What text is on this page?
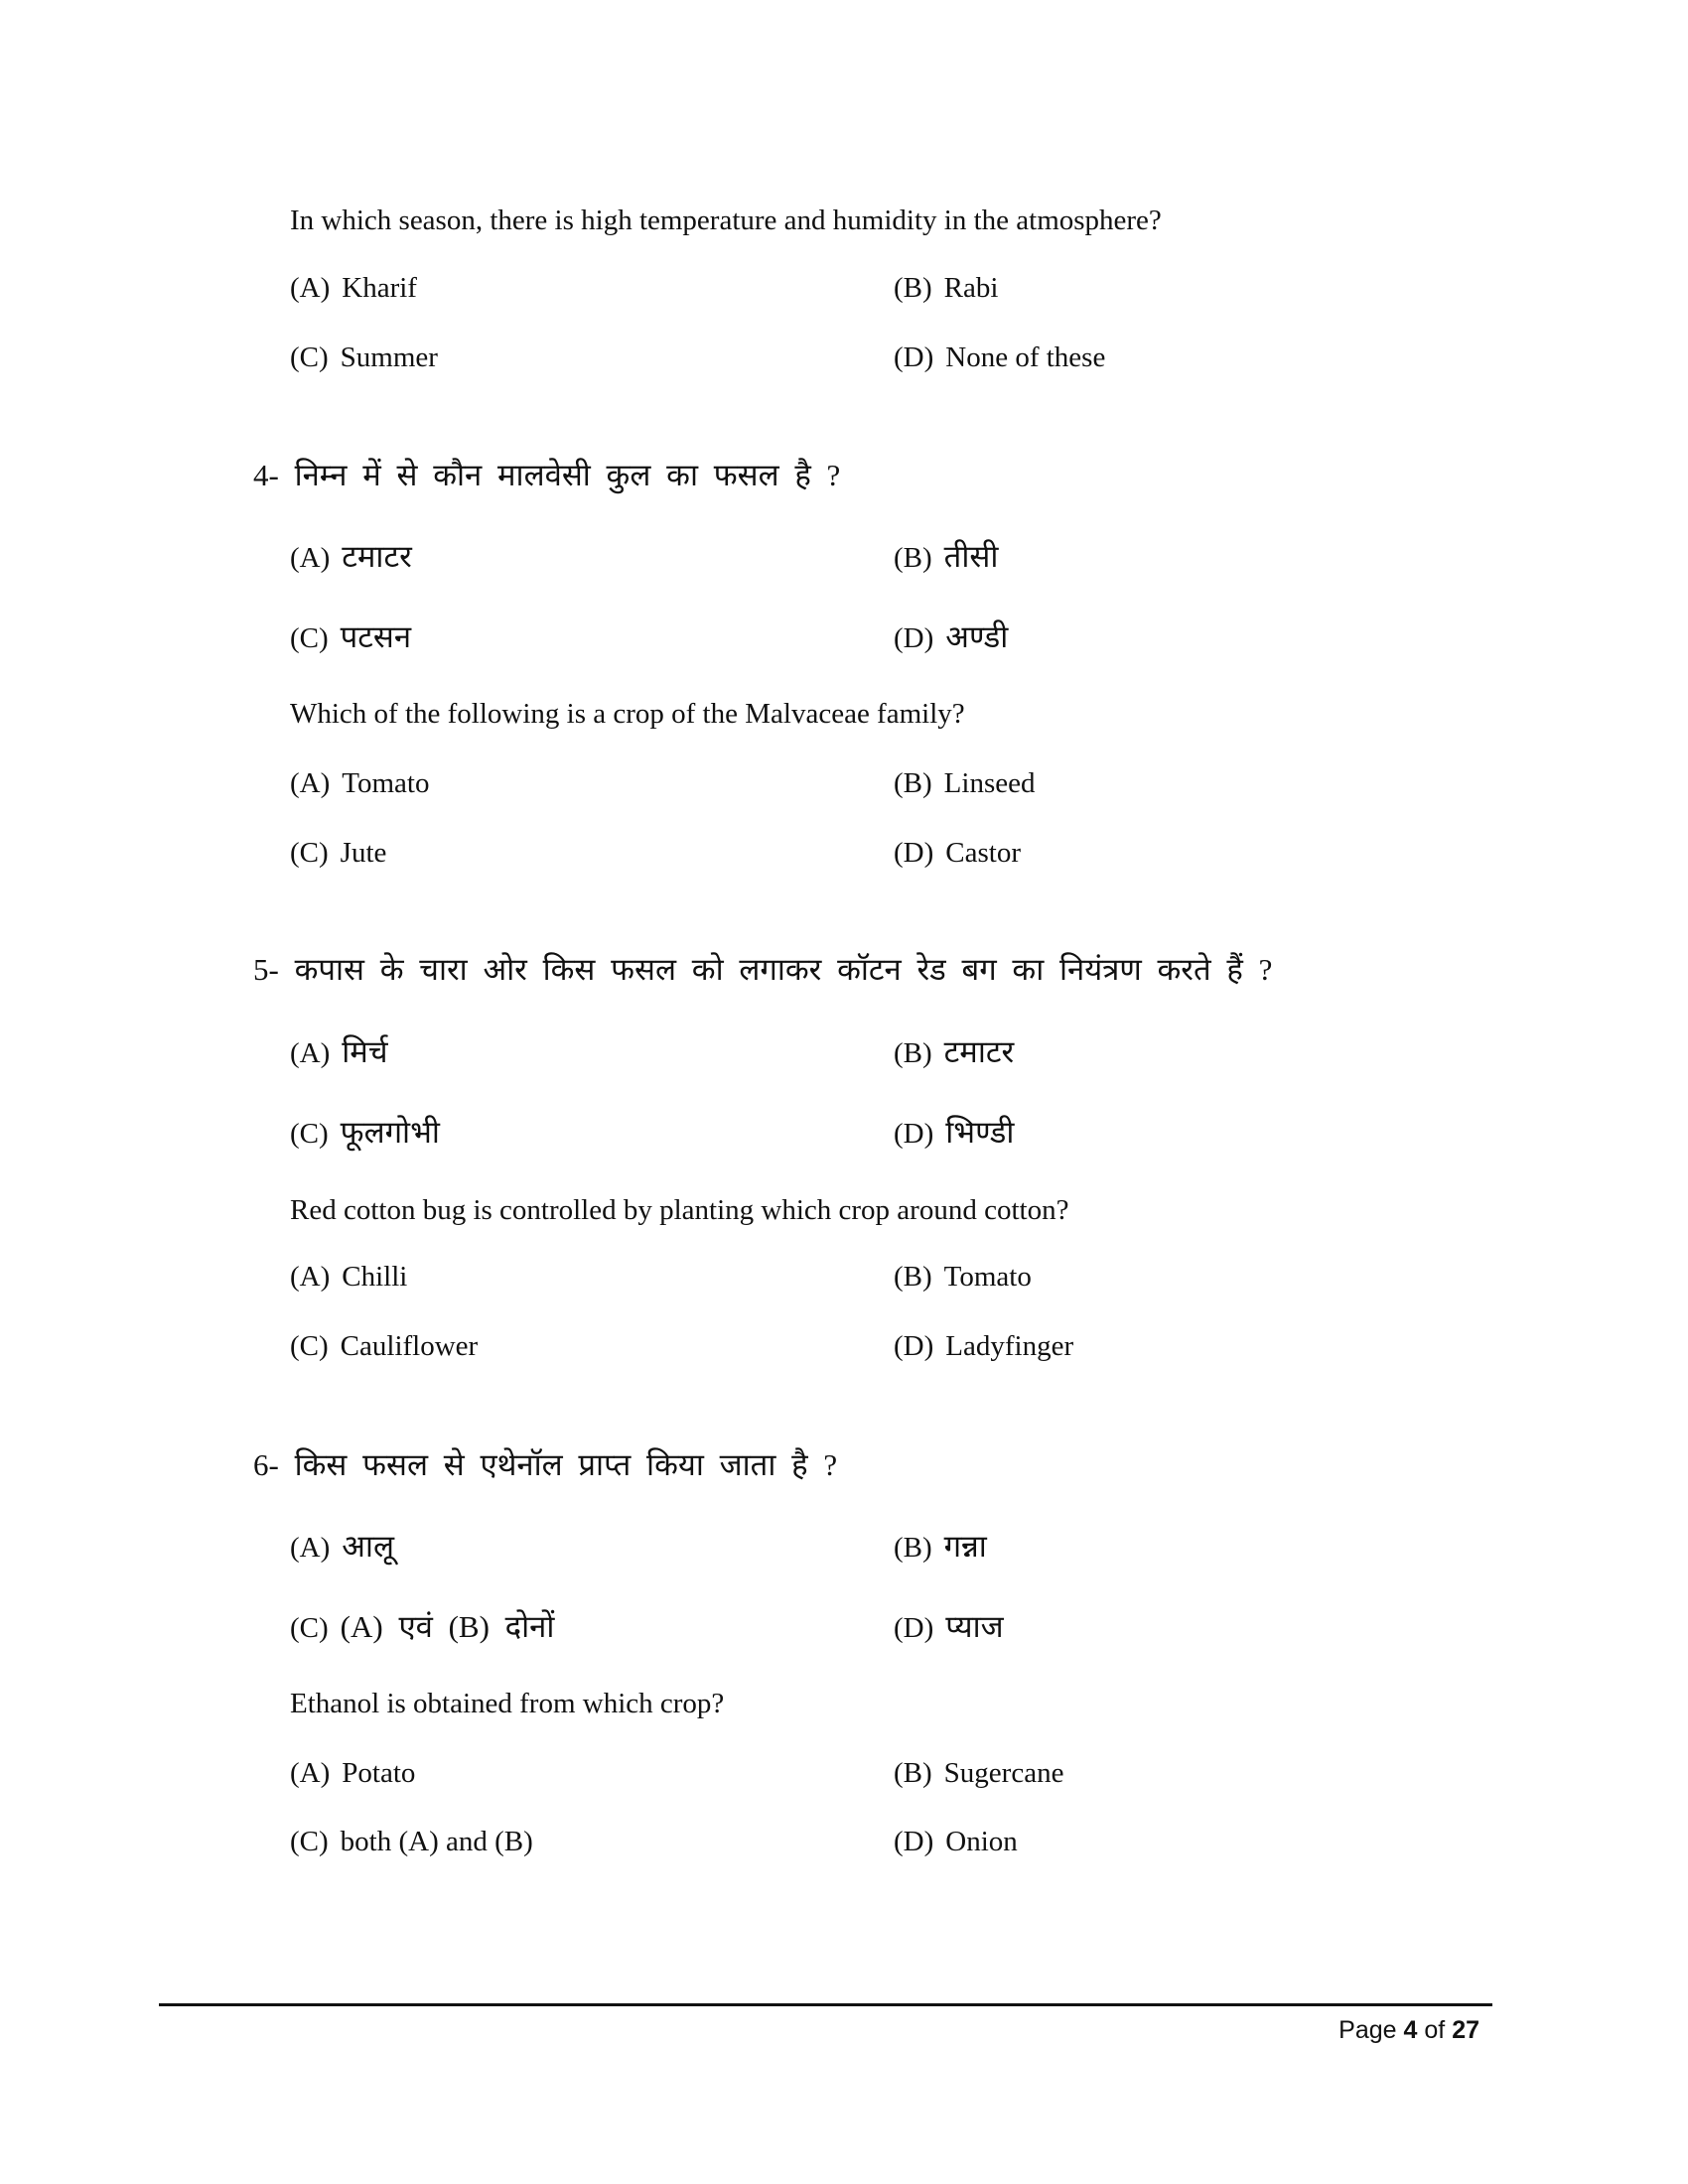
In which season, there is high temperature and humidity in the atmosphere?
(A) Kharif	(B) Rabi
(C) Summer	(D) None of these
4- निम्न में से कौन मालवेसी कुल का फसल है ?
(A) टमाटर	(B) तीसी
(C) पटसन	(D) अण्डी
Which of the following is a crop of the Malvaceae family?
(A) Tomato	(B) Linseed
(C) Jute	(D) Castor
5- कपास के चारा ओर किस फसल को लगाकर कॉटन रेड बग का नियंत्रण करते हैं ?
(A) मिर्च	(B) टमाटर
(C) फूलगोभी	(D) भिण्डी
Red cotton bug is controlled by planting which crop around cotton?
(A) Chilli	(B) Tomato
(C) Cauliflower	(D) Ladyfinger
6- किस फसल से एथेनॉल प्राप्त किया जाता है ?
(A) आलू	(B) गन्ना
(C) (A) एवं (B) दोनों	(D) प्याज
Ethanol is obtained from which crop?
(A) Potato	(B) Sugercane
(C) both (A) and (B)	(D) Onion
Page 4 of 27
